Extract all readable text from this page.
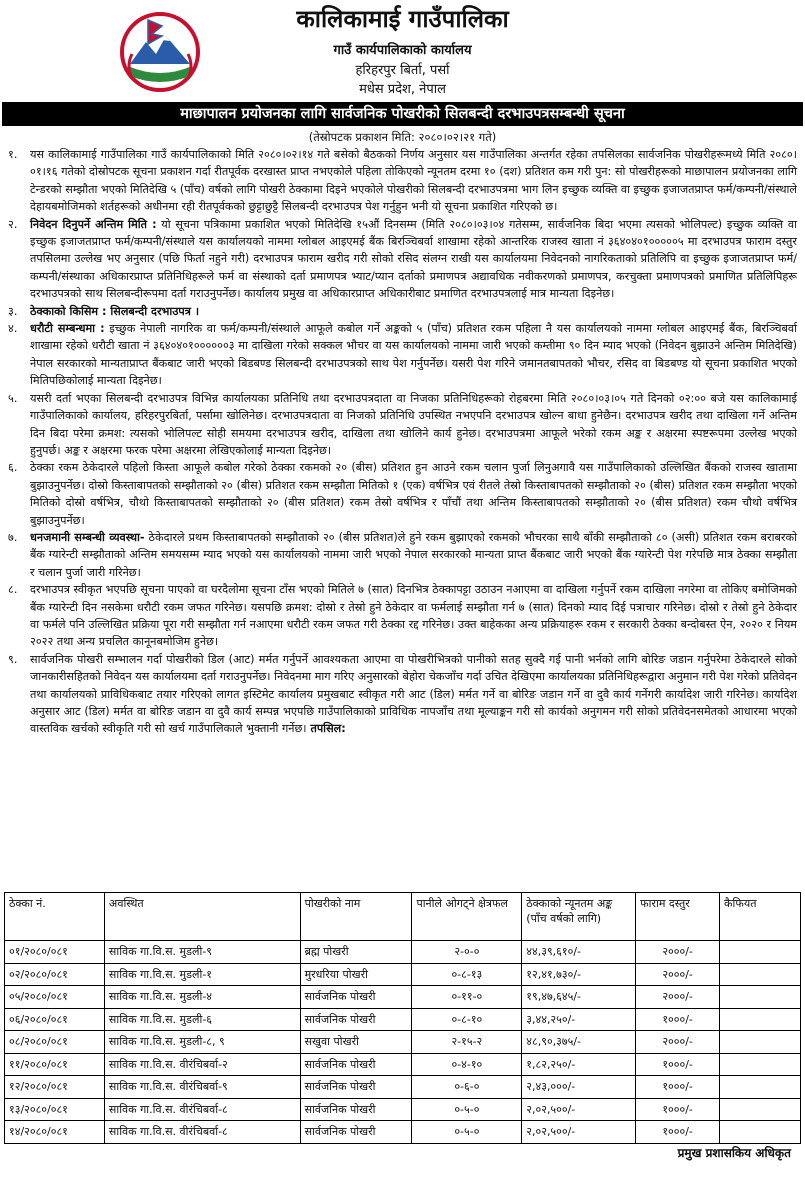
कालिकामाई गाउँपालिका
गाउँ कार्यपालिकाको कार्यालय
हरिहरपुर बिर्ता, पर्सा
मधेस प्रदेश, नेपाल
माछापालन प्रयोजनका लागि सार्वजनिक पोखरीको सिलबन्दी दरभाउपत्रसम्बन्धी सूचना
(तेस्रोपटक प्रकाशन मिति: २०८०।०२।२१ गते)
१.	यस कालिकामाई गाउँपालिका गाउँ कार्यपालिकाको मिति २०८०।०२।१४ गते बसेको बैठकको निर्णय अनुसार यस गाउँपालिका अन्तर्गत रहेका तपसिलका सार्वजनिक पोखरीहरूमध्ये मिति २०८०।०१।१६ गतेको दोस्रोपटक सूचना प्रकाशन गर्दा रीतपूर्वक दरखास्त प्राप्त नभएकोले पहिला तोकिएको न्यूनतम दरमा १० (दश) प्रतिशत कम गरी पुन: सो पोखरीहरूको माछापालन प्रयोजनका लागि टेन्डरको सम्झौता भएको मितिदेखि ५ (पाँच) वर्षको लागि पोखरी ठेक्कामा दिइने भएकोले पोखरीको सिलबन्दी दरभाउपत्रमा भाग लिन इच्छुक व्यक्ति वा इच्छुक इजाजतप्राप्त फर्म/कम्पनी/संस्थाले देहायबमोजिमको शर्तहरूको अधीनमा रही रीतपूर्वकको छुट्टाछुट्टै सिलबन्दी दरभाउपत्र पेश गर्नुहुन भनी यो सूचना प्रकाशित गरिएको छ।
२.	निवेदन दिनुपर्ने अन्तिम मिति : यो सूचना पत्रिकामा प्रकाशित भएको मितिदेखि १५औं दिनसम्म (मिति २०८०।०३।०४ गतेसम्म, सार्वजनिक बिदा भएमा त्यसको भोलिपल्ट) इच्छुक व्यक्ति वा इच्छुक इजाजतप्राप्त फर्म/कम्पनी/संस्थाले यस कार्यालयको नाममा ग्लोबल आइएमई बैंक बिरञ्चिबर्वा शाखामा रहेको आन्तरिक राजस्व खाता नं ३६४०४०१०००००५ मा दरभाउपत्र फाराम दस्तुर तपसिलमा उल्लेख भए अनुसार (पछि फिर्ता नहुने गरी) दरभाउपत्र फाराम खरीद गरी सोको रसिद संलग्न राखी यस कार्यालयमा निवेदनको नागरिकताको प्रतिलिपि वा इच्छुक इजाजतप्राप्त फर्म/कम्पनी/संस्थाका अधिकारप्राप्त प्रतिनिधिहरूले फर्म वा संस्थाको दर्ता प्रमाणपत्र भ्याट/प्यान दर्ताको प्रमाणपत्र अद्यावधिक नवीकरणको प्रमाणपत्र, करचुक्ता प्रमाणपत्रको प्रमाणित प्रतिलिपिहरू दरभाउपत्रको साथ सिलबन्दीरूपमा दर्ता गराउनुपर्नेछ। कार्यालय प्रमुख वा अधिकारप्राप्त अधिकारीबाट प्रमाणित दरभाउपत्रलाई मात्र मान्यता दिइनेछ।
३.	ठेक्काको किसिम : सिलबन्दी दरभाउपत्र ।
४.	धरौटी सम्बन्धमा : इच्छुक नेपाली नागरिक वा फर्म/कम्पनी/संस्थाले आफूले कबोल गर्ने अङ्कको ५ (पाँच) प्रतिशत रकम पहिला नै यस कार्यालयको नाममा ग्लोबल आइएमई बैंक, बिरञ्चिबर्वा शाखामा रहेको धरौटी खाता नं ३६४०४०१००००००३ मा दाखिला गरेको सक्कल भौचर वा यस कार्यालयको नाममा जारी भएको कम्तीमा ९० दिन म्याद भएको (निवेदन बुझाउने अन्तिम मितिदेखि) नेपाल सरकारको मान्यताप्राप्त बैंकबाट जारी भएको बिडबण्ड सिलबन्दी दरभाउपत्रको साथ पेश गर्नुपर्नेछ। यसरी पेश गरिने जमानतबापतको भौचर, रसिद वा बिडबण्ड यो सूचना प्रकाशित भएको मितिपछिकोलाई मान्यता दिइनेछ।
५.	यसरी दर्ता भएका सिलबन्दी दरभाउपत्र विभिन्न कार्यालयका प्रतिनिधि तथा दरभाउपत्रदाता वा निजका प्रतिनिधिहरूको रोहबरमा मिति २०८०।०३।०५ गते दिनको ०२:०० बजे यस कालिकामाई गाउँपालिकाको कार्यालय, हरिहरपुरबिर्ता, पर्सामा खोलिनेछ। दरभाउपत्रदाता वा निजको प्रतिनिधि उपस्थित नभएपनि दरभाउपत्र खोल्न बाधा हुनेछैन। दरभाउपत्र खरीद तथा दाखिला गर्ने अन्तिम दिन बिदा परेमा क्रमश: त्यसको भोलिपल्ट सोही समयमा दरभाउपत्र खरीद, दाखिला तथा खोलिने कार्य हुनेछ। दरभाउपत्रमा आफूले भरेको रकम अङ्क र अक्षरमा स्पष्टरूपमा उल्लेख भएको हुनुपर्छ। अङ्क र अक्षरमा फरक परेमा अक्षरमा लेखिएकोलाई मान्यता दिइनेछ।
६.	ठेक्का रकम ठेकेदारले पहिलो किस्ता आफूले कबोल गरेको ठेक्का रकमको २० (बीस) प्रतिशत हुन आउने रकम चलान पुर्जा लिनुअगावै यस गाउँपालिकाको उल्लिखित बैंकको राजस्व खातामा बुझाउनुपर्नेछ। दोस्रो किस्ताबापतको सम्झौताको २० (बीस) प्रतिशत रकम सम्झौता मितिको १ (एक) वर्षभित्र एवं रीतले तेस्रो किस्ताबापतको सम्झौताको २० (बीस) प्रतिशत रकम सम्झौता भएको मितिको दोस्रो वर्षभित्र, चौथो किस्ताबापतको सम्झौताको २० (बीस प्रतिशत) रकम तेस्रो वर्षभित्र र पाँचौं तथा अन्तिम किस्ताबापतको सम्झौताको २० (बीस प्रतिशत) रकम चौथो वर्षभित्र बुझाउनुपर्नेछ।
७.	धनजमानी सम्बन्धी व्यवस्था- ठेकेदारले प्रथम किस्ताबापतको सम्झौताको २० (बीस प्रतिशत)ले हुने रकम बुझाएको रकमको भौचरका साथै बाँकी सम्झौताको ८० (असी) प्रतिशत रकम बराबरको बैंक ग्यारेन्टी सम्झौताको अन्तिम समयसम्म म्याद भएको यस कार्यालयको नाममा जारी भएको नेपाल सरकारको मान्यता प्राप्त बैंकबाट जारी भएको बैंक ग्यारेन्टी पेश गरेपछि मात्र ठेक्का सम्झौता र चलान पुर्जा जारी गरिनेछ।
८.	दरभाउपत्र स्वीकृत भएपछि सूचना पाएको वा घरदैलोमा सूचना टाँस भएको मितिले ७ (सात) दिनभित्र ठेक्कापट्टा उठाउन नआएमा वा दाखिला गर्नुपर्ने रकम दाखिला नगरेमा वा तोकिए बमोजिमको बैंक ग्यारेन्टी दिन नसकेमा धरौटी रकम जफत गरिनेछ। यसपछि क्रमश: दोस्रो र तेस्रो हुने ठेकेदार वा फर्मलाई सम्झौता गर्न ७ (सात) दिनको म्याद दिई पत्राचार गरिनेछ। दोस्रो र तेस्रो हुने ठेकेदार वा फर्मले पनि उल्लिखित प्रक्रिया पूरा गरी सम्झौता गर्न नआएमा धरौटी रकम जफत गरी ठेक्का रद्द गरिनेछ। उक्त बाहेकका अन्य प्रक्रियाहरू रकम र सरकारी ठेक्का बन्दोबस्त ऐन, २०२० र नियम २०२२ तथा अन्य प्रचलित कानूनबमोजिम हुनेछ।
९.	सार्वजनिक पोखरी सम्भालन गर्दा पोखरीको डिल (आट) मर्मत गर्नुपर्ने आवश्यकता आएमा वा पोखरीभित्रको पानीको सतह सुक्दै गई पानी भर्नको लागि बोरिङ जडान गर्नुपरेमा ठेकेदारले सोको जानकारीसहितको निवेदन यस कार्यालयमा दर्ता गराउनुपर्नेछ। निवेदनमा माग गरिए अनुसारको बेहोरा चेकजाँच गर्दा उचित देखिएमा कार्यालयका प्रतिनिधिहरूद्वारा अनुमान गरी पेश गरेको प्रतिवेदन तथा कार्यालयको प्राविधिकबाट तयार गरिएको लागत इस्टिमेट कार्यालय प्रमुखबाट स्वीकृत गरी आट (डिल) मर्मत गर्ने वा बोरिङ जडान गर्ने वा दुवै कार्य गर्नेगरी कार्यादेश जारी गरिनेछ। कार्यादेश अनुसार आट (डिल) मर्मत वा बोरिङ जडान वा दुवै कार्य सम्पन्न भएपछि गाउँपालिकाको प्राविधिक नापजाँच तथा मूल्याङ्कन गरी सो कार्यको अनुगमन गरी सोको प्रतिवेदनसमेतको आधारमा भएको वास्तविक खर्चको स्वीकृति गरी सो खर्च गाउँपालिकाले भुक्तानी गर्नेछ। तपसिल:
ठेक्का नं.	अवस्थित	पोखरीको नाम	पानीले ओगट्ने क्षेत्रफल	ठेक्काको न्यूनतम अङ्क (पाँच वर्षको लागि)	फाराम दस्तुर	कैफियत
०१/२०८०/०८१	साविक गा.वि.स. मुडली-९	ब्रह्म पोखरी	२-०-०	४४,३९,६१०/-	२०००/-	
०२/२०८०/०८१	साविक गा.वि.स. मुडली-१	मुरधरिया पोखरी	०-८-१३	१२,४१,७३०/-	२०००/-	
०५/२०८०/०८१	साविक गा.वि.स. मुडली-४	सार्वजनिक पोखरी	०-११-०	१९,४७,६४५/-	२०००/-	
०६/२०८०/०८१	साविक गा.वि.स. मुडली-६	सार्वजनिक पोखरी	०-८-१०	३,४४,२५०/-	१०००/-	
०८/२०८०/०८१	साविक गा.वि.स. मुडली-८, ९	सखुवा पोखरी	२-१५-२	४८,९०,३७५/-	२०००/-	
११/२०८०/०८१	साविक गा.वि.स. वीरंचिबर्वा-२	सार्वजनिक पोखरी	०-४-१०	१,८२,२५०/-	१०००/-	
१२/२०८०/०८१	साविक गा.वि.स. वीरंचिबर्वा-९	सार्वजनिक पोखरी	०-६-०	२,४३,०००/-	१०००/-	
१३/२०८०/०८१	साविक गा.वि.स. वीरंचिबर्वा-८	सार्वजनिक पोखरी	०-५-०	२,०२,५००/-	१०००/-	
१४/२०८०/०८१	साविक गा.वि.स. वीरंचिबर्वा-८	सार्वजनिक पोखरी	०-५-०	२,०२,५००/-	१०००/-	
प्रमुख प्रशासकिय अधिकृत
